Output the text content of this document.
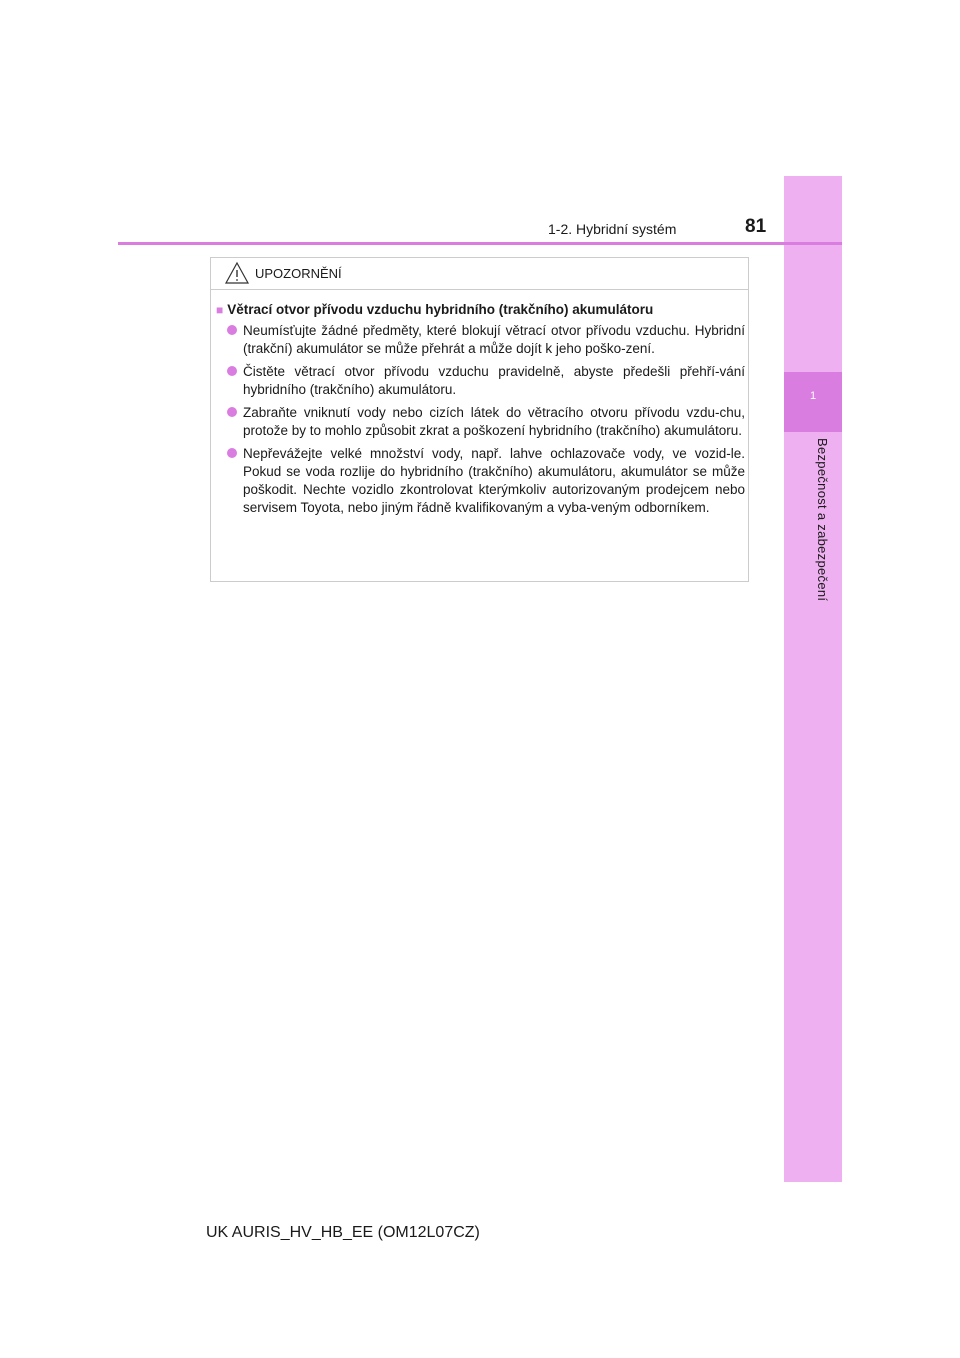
1
Bezpečnost a zabezpečení
1-2. Hybridní systém	81
UPOZORNĚNÍ
■ Větrací otvor přívodu vzduchu hybridního (trakčního) akumulátoru
Neumísťujte žádné předměty, které blokují větrací otvor přívodu vzduchu. Hybridní (trakční) akumulátor se může přehrát a může dojít k jeho poško-zení.
Čistěte větrací otvor přívodu vzduchu pravidelně, abyste předešli přehří-vání hybridního (trakčního) akumulátoru.
Zabraňte vniknutí vody nebo cizích látek do větracího otvoru přívodu vzdu-chu, protože by to mohlo způsobit zkrat a poškození hybridního (trakčního) akumulátoru.
Nepřevážejte velké množství vody, např. lahve ochlazovače vody, ve vozid-le. Pokud se voda rozlije do hybridního (trakčního) akumulátoru, akumulátor se může poškodit. Nechte vozidlo zkontrolovat kterýmkoliv autorizovaným prodejcem nebo servisem Toyota, nebo jiným řádně kvalifikovaným a vyba-veným odborníkem.
UK AURIS_HV_HB_EE (OM12L07CZ)
